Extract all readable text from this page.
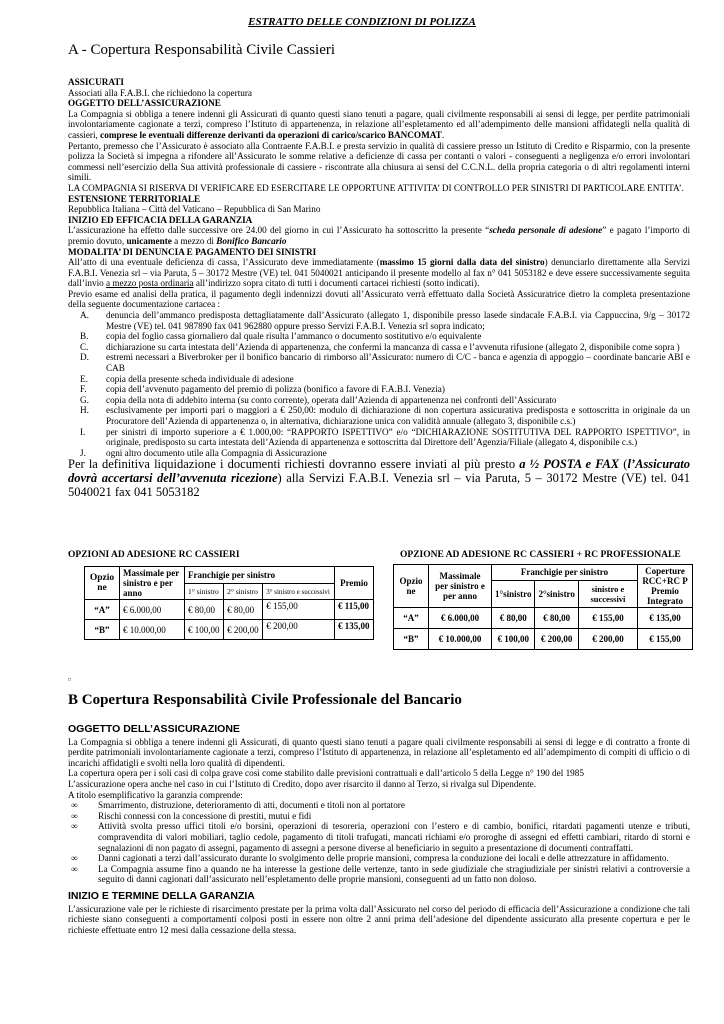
ESTRATTO DELLE CONDIZIONI DI POLIZZA
A - Copertura Responsabilità Civile Cassieri
ASSICURATI
Associati alla F.A.B.I. che richiedono la copertura
OGGETTO DELL’ASSICURAZIONE
La Compagnia si obbliga a tenere indenni gli Assicurati di quanto questi siano tenuti a pagare, quali civilmente responsabili ai sensi di legge, per perdite patrimoniali involontariamente cagionate a terzi, compreso l’Istituto di appartenenza, in relazione all’espletamento ed all’adempimento delle mansioni affidategli nella qualità di cassieri, comprese le eventuali differenze derivanti da operazioni di carico/scarico BANCOMAT.
Pertanto, premesso che l’Assicurato è associato alla Contraente F.A.B.I. e presta servizio in qualità di cassiere presso un Istituto di Credito e Risparmio, con la presente polizza la Società si impegna a rifondere all’Assicurato le somme relative a deficienze di cassa per contanti o valori - conseguenti a negligenza e/o errori involontari commessi nell’esercizio della Sua attività professionale di cassiere - riscontrate alla chiusura ai sensi del C.C.N.L. della propria categoria o di altri regolamenti interni simili.
LA COMPAGNIA SI RISERVA DI VERIFICARE ED ESERCITARE LE OPPORTUNE ATTIVITA’ DI CONTROLLO PER SINISTRI DI PARTICOLARE ENTITA’.
ESTENSIONE TERRITORIALE
Repubblica Italiana – Città del Vaticano – Repubblica di San Marino
INIZIO ED EFFICACIA DELLA GARANZIA
L’assicurazione ha effetto dalle successive ore 24.00 del giorno in cui l’Assicurato ha sottoscritto la presente “scheda personale di adesione” e pagato l’importo di premio dovuto, unicamente a mezzo di Bonifico Bancario
MODALITA’ DI DENUNCIA E PAGAMENTO DEI SINISTRI
All’atto di una eventuale deficienza di cassa, l’Assicurato deve immediatamente (massimo 15 giorni dalla data del sinistro) denunciarlo direttamente alla Servizi F.A.B.I. Venezia srl – via Paruta, 5 – 30172 Mestre (VE) tel. 041 5040021 anticipando il presente modello al fax n° 041 5053182 e deve essere successivamente seguita dall’invio a mezzo posta ordinaria all’indirizzo sopra citato di tutti i documenti cartacei richiesti (sotto indicati).
Previo esame ed analisi della pratica, il pagamento degli indennizzi dovuti all’Assicurato verrà effettuato dalla Società Assicuratrice dietro la completa presentazione della seguente documentazione cartacea :
A.	denuncia dell’ammanco predisposta dettagliatamente dall’Assicurato (allegato 1, disponibile presso lasede sindacale F.A.B.I. via Cappuccina, 9/g – 30172 Mestre (VE) tel. 041 987890 fax 041 962880 oppure presso Servizi F.A.B.I. Venezia srl sopra indicato;
B.	copia del foglio cassa giornaliero dal quale risulta l’ammanco o documento sostitutivo e/o equivalente
C.	dichiarazione su carta intestata dell’Azienda di appartenenza, che confermi la mancanza di cassa e l’avvenuta rifusione (allegato 2, disponibile come sopra )
D.	estremi necessari a Biverbroker per il bonifico bancario di rimborso all’Assicurato: numero di C/C - banca e agenzia di appoggio – coordinate bancarie ABI e CAB
E.	copia della presente scheda individuale di adesione
F.	copia dell’avvenuto pagamento del premio di polizza (bonifico a favore di F.A.B.I. Venezia)
G.	copia della nota di addebito interna (su conto corrente), operata dall’Azienda di appartenenza nei confronti dell’Assicurato
H.	esclusivamente per importi pari o maggiori a € 250,00: modulo di dichiarazione di non copertura assicurativa predisposta e sottoscritta in originale da un Procuratore dell’Azienda di appartenenza o, in alternativa, dichiarazione unica con validità annuale (allegato 3, disponibile c.s.)
I.	per sinistri di importo superiore a € 1.000,00: “RAPPORTO ISPETTIVO” e/o “DICHIARAZIONE SOSTITUTIVA DEL RAPPORTO ISPETTIVO”, in originale, predisposto su carta intestata dell’Azienda di appartenenza e sottoscritta dal Direttore dell’Agenzia/Filiale (allegato 4, disponibile c.s.)
J.	ogni altro documento utile alla Compagnia di Assicurazione
Per la definitiva liquidazione i documenti richiesti dovranno essere inviati al più presto a ½ POSTA e FAX (l’Assicurato dovrà accertarsi dell’avvenuta ricezione) alla Servizi F.A.B.I. Venezia srl – via Paruta, 5 – 30172 Mestre (VE) tel. 041 5040021 fax 041 5053182
OPZIONI AD ADESIONE RC CASSIERI	OPZIONE AD ADESIONE RC CASSIERI + RC PROFESSIONALE
Opzio ne	Massimale per sinistro e per anno	Franchigie per sinistro			Premio
		1° sinistro	2° sinistro	3° sinistro e successivi	
“A”	€ 6.000,00	€ 80,00	€ 80,00	€ 155,00	€ 115,00
“B”	€ 10.000,00	€ 100,00	€ 200,00	€ 200,00	€ 135,00
Opzio ne	Massimale per sinistro e per anno	Franchigie per sinistro			Coperture RCC+RC P Premio Integrato
		1°sinistro	2°sinistro	sinistro e successivi	
“A”	€ 6.000,00	€ 80,00	€ 80,00	€ 155,00	€ 135,00
“B”	€ 10.000,00	€ 100,00	€ 200,00	€ 200,00	€ 155,00
□
B Copertura Responsabilità Civile Professionale del Bancario
OGGETTO DELL’ASSICURAZIONE
La Compagnia si obbliga a tenere indenni gli Assicurati, di quanto questi siano tenuti a pagare quali civilmente responsabili ai sensi di legge e di contratto a fronte di perdite patrimoniali involontariamente cagionate a terzi, compreso l’Istituto di appartenenza, in relazione all’espletamento ed all’adempimento di compiti di ufficio o di incarichi affidatigli e svolti nella loro qualità di dipendenti.
La copertura opera per i soli casi di colpa grave così come stabilito dalle previsioni contrattuali e dall’articolo 5 della Legge n° 190 del 1985
L’assicurazione opera anche nel caso in cui l’Istituto di Credito, dopo aver risarcito il danno al Terzo, si rivalga sul Dipendente.
A titolo esemplificativo la garanzia comprende:
∞	Smarrimento, distruzione, deterioramento di atti, documenti e titoli non al portatore
∞	Rischi connessi con la concessione di prestiti, mutui e fidi
∞	Attività svolta presso uffici titoli e/o borsini, operazioni di tesoreria, operazioni con l’estero e di cambio, bonifici, ritardati pagamenti utenze e tributi, compravendita di valori mobiliari, taglio cedole, pagamento di titoli trafugati, mancati richiami e/o proroghe di assegni ed effetti cambiari, ritardo di storni e segnalazioni di non pagato di assegni, pagamento di assegni a persone diverse al beneficiario in seguito a presentazione di documenti contraffatti.
∞	Danni cagionati a terzi dall’assicurato durante lo svolgimento delle proprie mansioni, compresa la conduzione dei locali e delle attrezzature in affidamento.
∞	La Compagnia assume fino a quando ne ha interesse la gestione delle vertenze, tanto in sede giudiziale che stragiudiziale per sinistri relativi a controversie a seguito di danni cagionati dall’assicurato nell’espletamento delle proprie mansioni, conseguenti ad un fatto non doloso.
INIZIO E TERMINE DELLA GARANZIA
L’assicurazione vale per le richieste di risarcimento prestate per la prima volta dall’Assicurato nel corso del periodo di efficacia dell’Assicurazione a condizione che tali richieste siano conseguenti a comportamenti colposi posti in essere non oltre 2 anni prima dell’adesione del dipendente assicurato alla presente copertura e per le richieste effettuate entro 12 mesi dalla cessazione della stessa.
